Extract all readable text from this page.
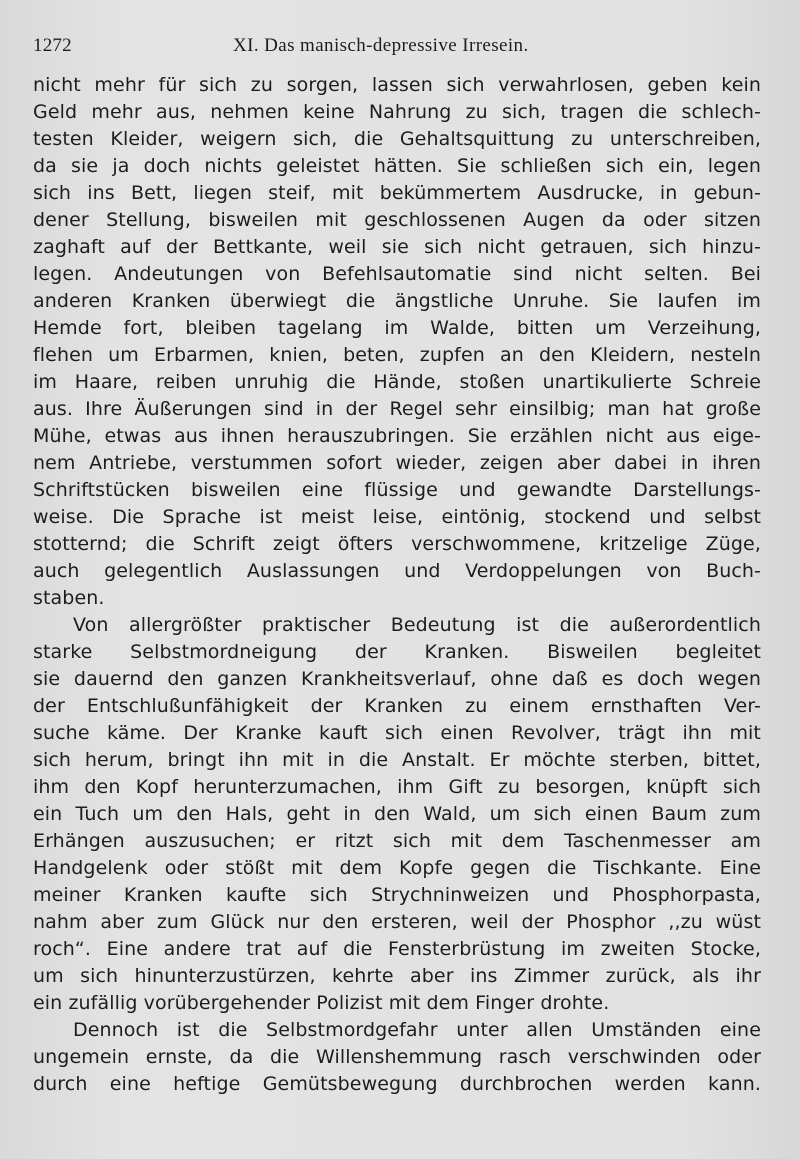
1272	XI. Das manisch-depressive Irresein.

nicht mehr für sich zu sorgen, lassen sich verwahrlosen, geben kein
Geld mehr aus, nehmen keine Nahrung zu sich, tragen die schlech-
testen Kleider, weigern sich, die Gehaltsquittung zu unterschreiben,
da sie ja doch nichts geleistet hätten. Sie schließen sich ein, legen
sich ins Bett, liegen steif, mit bekümmertem Ausdrucke, in gebun-
dener Stellung, bisweilen mit geschlossenen Augen da oder sitzen
zaghaft auf der Bettkante, weil sie sich nicht getrauen, sich hinzu-
legen. Andeutungen von Befehlsautomatie sind nicht selten. Bei
anderen Kranken überwiegt die ängstliche Unruhe. Sie laufen im
Hemde fort, bleiben tagelang im Walde, bitten um Verzeihung,
flehen um Erbarmen, knien, beten, zupfen an den Kleidern, nesteln
im Haare, reiben unruhig die Hände, stoßen unartikulierte Schreie
aus. Ihre Äußerungen sind in der Regel sehr einsilbig; man hat große
Mühe, etwas aus ihnen herauszubringen. Sie erzählen nicht aus eige-
nem Antriebe, verstummen sofort wieder, zeigen aber dabei in ihren
Schriftstücken bisweilen eine flüssige und gewandte Darstellungs-
weise. Die Sprache ist meist leise, eintönig, stockend und selbst
stotternd; die Schrift zeigt öfters verschwommene, kritzelige Züge,
auch gelegentlich Auslassungen und Verdoppelungen von Buch-
staben.

Von allergrößter praktischer Bedeutung ist die außerordentlich
starke Selbstmordneigung der Kranken. Bisweilen begleitet
sie dauernd den ganzen Krankheitsverlauf, ohne daß es doch wegen
der Entschlußunfähigkeit der Kranken zu einem ernsthaften Ver-
suche käme. Der Kranke kauft sich einen Revolver, trägt ihn mit
sich herum, bringt ihn mit in die Anstalt. Er möchte sterben, bittet,
ihm den Kopf herunterzumachen, ihm Gift zu besorgen, knüpft sich
ein Tuch um den Hals, geht in den Wald, um sich einen Baum zum
Erhängen auszusuchen; er ritzt sich mit dem Taschenmesser am
Handgelenk oder stößt mit dem Kopfe gegen die Tischkante. Eine
meiner Kranken kaufte sich Strychninweizen und Phosphorpasta,
nahm aber zum Glück nur den ersteren, weil der Phosphor ,,zu wüst
roch“. Eine andere trat auf die Fensterbrüstung im zweiten Stocke,
um sich hinunterzustürzen, kehrte aber ins Zimmer zurück, als ihr
ein zufällig vorübergehender Polizist mit dem Finger drohte.

Dennoch ist die Selbstmordgefahr unter allen Umständen eine
ungemein ernste, da die Willenshemmung rasch verschwinden oder
durch eine heftige Gemütsbewegung durchbrochen werden kann.
